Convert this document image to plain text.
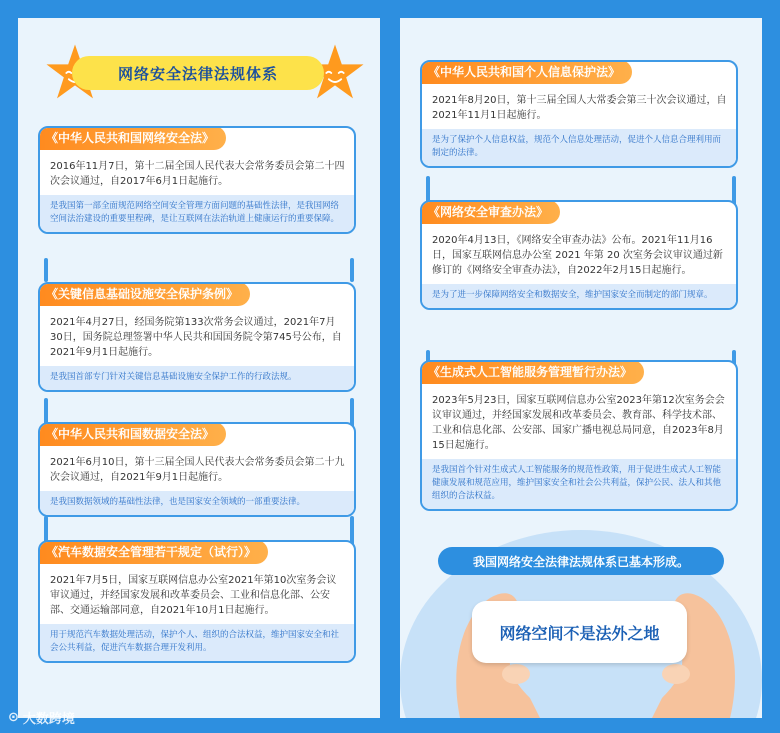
网络安全法律法规体系
《中华人民共和国网络安全法》
2016年11月7日，第十二届全国人民代表大会常务委员会第二十四次会议通过，自2017年6月1日起施行。
是我国第一部全面规范网络空间安全管理方面问题的基础性法律，是我国网络空间法治建设的重要里程碑，是让互联网在法治轨道上健康运行的重要保障。
《关键信息基础设施安全保护条例》
2021年4月27日，经国务院第133次常务会议通过，2021年7月30日，国务院总理签署中华人民共和国国务院令第745号公布，自2021年9月1日起施行。
是我国首部专门针对关键信息基础设施安全保护工作的行政法规。
《中华人民共和国数据安全法》
2021年6月10日，第十三届全国人民代表大会常务委员会第二十九次会议通过，自2021年9月1日起施行。
是我国数据领域的基础性法律，也是国家安全领域的一部重要法律。
《汽车数据安全管理若干规定（试行）》
2021年7月5日，国家互联网信息办公室2021年第10次室务会议审议通过，并经国家发展和改革委员会、工业和信息化部、公安部、交通运输部同意，自2021年10月1日起施行。
用于规范汽车数据处理活动，保护个人、组织的合法权益，维护国家安全和社会公共利益，促进汽车数据合理开发利用。
《中华人民共和国个人信息保护法》
2021年8月20日，第十三届全国人大常委会第三十次会议通过，自2021年11月1日起施行。
是为了保护个人信息权益，规范个人信息处理活动，促进个人信息合理利用而制定的法律。
《网络安全审查办法》
2020年4月13日，《网络安全审查办法》公布。2021年11月16日，国家互联网信息办公室 2021 年第 20 次室务会议审议通过新修订的《网络安全审查办法》，自2022年2月15日起施行。
是为了进一步保障网络安全和数据安全，维护国家安全而制定的部门规章。
《生成式人工智能服务管理暂行办法》
2023年5月23日，国家互联网信息办公室2023年第12次室务会会议审议通过，并经国家发展和改革委员会、教育部、科学技术部、工业和信息化部、公安部、国家广播电视总局同意，自2023年8月15日起施行。
是我国首个针对生成式人工智能服务的规范性政策，用于促进生成式人工智能健康发展和规范应用，维护国家安全和社会公共利益，保护公民、法人和其他组织的合法权益。
我国网络安全法律法规体系已基本形成。
网络空间不是法外之地
⊙ 大数跨境
